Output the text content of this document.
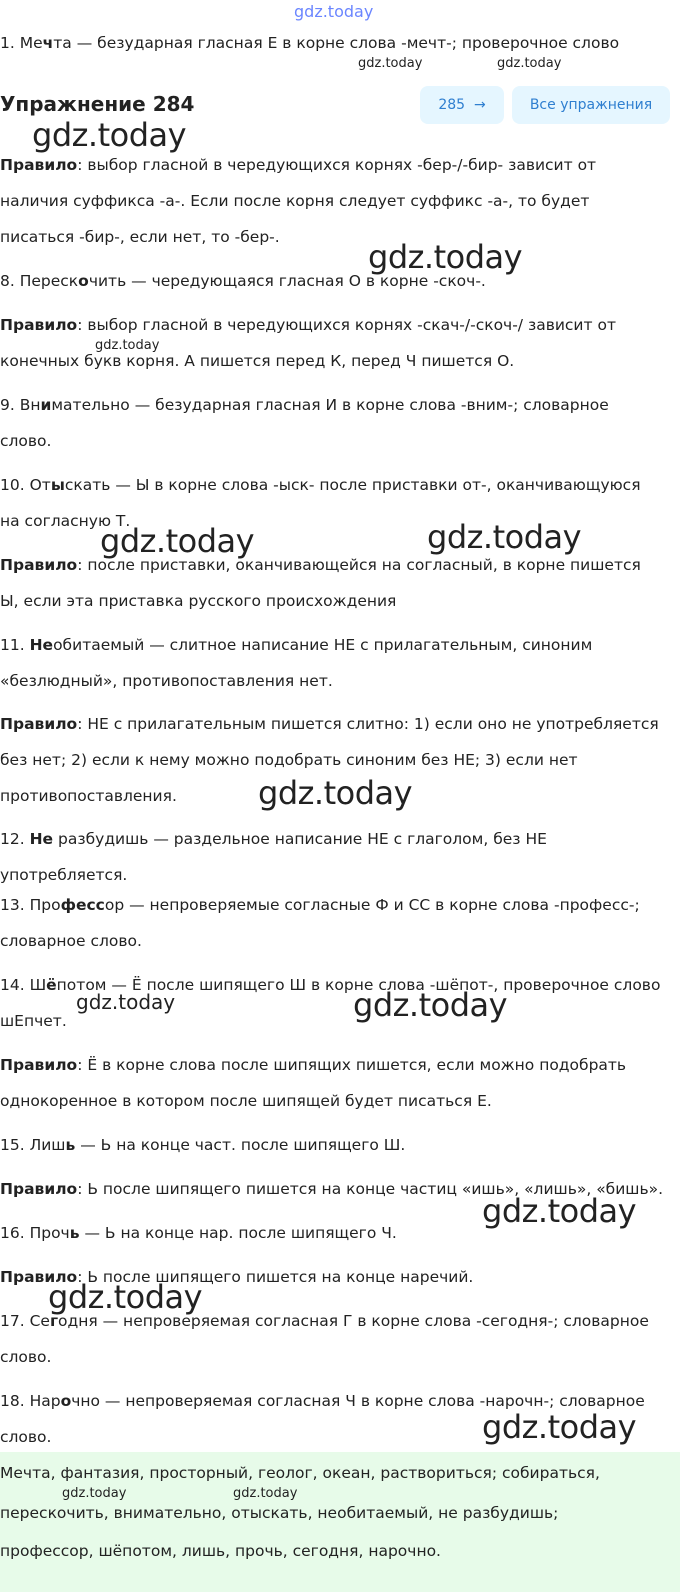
gdz.today
1. Мечта — безударная гласная Е в корне слова -мечт-; проверочное слово
gdz.today	gdz.today
Упражнение 284	285 →	Все упражнения
gdz.today
Правило: выбор гласной в чередующихся корнях -бер-/-бир- зависит от
наличия суффикса -а-. Если после корня следует суффикс -а-, то будет
писаться -бир-, если нет, то -бер-.
gdz.today
8. Перескочить — чередующаяся гласная О в корне -скоч-.
Правило: выбор гласной в чередующихся корнях -скач-/-скоч-/ зависит от
gdz.today
конечных букв корня. А пишется перед К, перед Ч пишется О.
9. Внимательно — безударная гласная И в корне слова -вним-; словарное
слово.
10. Отыскать — Ы в корне слова -ыск- после приставки от-, оканчивающуюся
на согласную Т.
gdz.today	gdz.today
Правило: после приставки, оканчивающейся на согласный, в корне пишется
Ы, если эта приставка русского происхождения
11. Необитаемый — слитное написание НЕ с прилагательным, синоним
«безлюдный», противопоставления нет.
Правило: НЕ с прилагательным пишется слитно: 1) если оно не употребляется
без нет; 2) если к нему можно подобрать синоним без НЕ; 3) если нет
противопоставления.	gdz.today
12. Не разбудишь — раздельное написание НЕ с глаголом, без НЕ
употребляется.
13. Профессор — непроверяемые согласные Ф и СС в корне слова -професс-;
словарное слово.
14. Шёпотом — Ё после шипящего Ш в корне слова -шёпот-, проверочное слово
gdz.today
шЕпчет.	gdz.today
Правило: Ё в корне слова после шипящих пишется, если можно подобрать
однокоренное в котором после шипящей будет писаться Е.
15. Лишь — Ь на конце част. после шипящего Ш.
Правило: Ь после шипящего пишется на конце частиц «ишь», «лишь», «бишь».
gdz.today
16. Прочь — Ь на конце нар. после шипящего Ч.
Правило: Ь после шипящего пишется на конце наречий.
gdz.today
17. Сегодня — непроверяемая согласная Г в корне слова -сегодня-; словарное
слово.
18. Нарочно — непроверяемая согласная Ч в корне слова -нарочн-; словарное
слово.	gdz.today
Мечта, фантазия, просторный, геолог, океан, раствориться; собираться,
gdz.today	gdz.today
перескочить, внимательно, отыскать, необитаемый, не разбудишь;
профессор, шёпотом, лишь, прочь, сегодня, нарочно.
